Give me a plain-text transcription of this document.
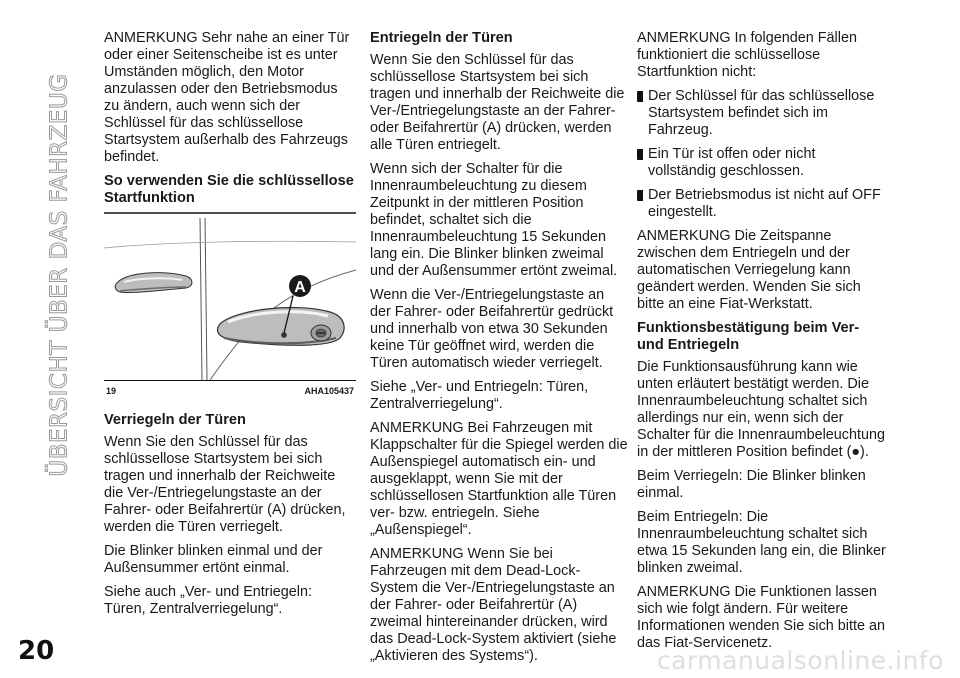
ÜBERSICHT ÜBER DAS FAHRZEUG

ANMERKUNG Sehr nahe an einer Tür oder einer Seitenscheibe ist es unter Umständen möglich, den Motor anzulassen oder den Betriebsmodus zu ändern, auch wenn sich der Schlüssel für das schlüssellose Startsystem außerhalb des Fahrzeugs befindet.

So verwenden Sie die schlüssellose Startfunktion
A
19	AHA105437
Verriegeln der Türen

Wenn Sie den Schlüssel für das schlüssellose Startsystem bei sich tragen und innerhalb der Reichweite die Ver-/Entriegelungstaste an der Fahrer- oder Beifahrertür (A) drücken, werden die Türen verriegelt.

Die Blinker blinken einmal und der Außensummer ertönt einmal.

Siehe auch „Ver- und Entriegeln: Türen, Zentralverriegelung“.

Entriegeln der Türen

Wenn Sie den Schlüssel für das schlüssellose Startsystem bei sich tragen und innerhalb der Reichweite die Ver-/Entriegelungstaste an der Fahrer- oder Beifahrertür (A) drücken, werden alle Türen entriegelt.

Wenn sich der Schalter für die Innenraumbeleuchtung zu diesem Zeitpunkt in der mittleren Position befindet, schaltet sich die Innenraumbeleuchtung 15 Sekunden lang ein. Die Blinker blinken zweimal und der Außensummer ertönt zweimal.

Wenn die Ver-/Entriegelungstaste an der Fahrer- oder Beifahrertür gedrückt und innerhalb von etwa 30 Sekunden keine Tür geöffnet wird, werden die Türen automatisch wieder verriegelt.

Siehe „Ver- und Entriegeln: Türen, Zentralverriegelung“.

ANMERKUNG Bei Fahrzeugen mit Klappschalter für die Spiegel werden die Außenspiegel automatisch ein- und ausgeklappt, wenn Sie mit der schlüssellosen Startfunktion alle Türen ver- bzw. entriegeln. Siehe „Außenspiegel“.

ANMERKUNG Wenn Sie bei Fahrzeugen mit dem Dead-Lock-System die Ver-/Entriegelungstaste an der Fahrer- oder Beifahrertür (A) zweimal hintereinander drücken, wird das Dead-Lock-System aktiviert (siehe „Aktivieren des Systems“).

ANMERKUNG In folgenden Fällen funktioniert die schlüssellose Startfunktion nicht:

Der Schlüssel für das schlüssellose Startsystem befindet sich im Fahrzeug.
Ein Tür ist offen oder nicht vollständig geschlossen.
Der Betriebsmodus ist nicht auf OFF eingestellt.

ANMERKUNG Die Zeitspanne zwischen dem Entriegeln und der automatischen Verriegelung kann geändert werden. Wenden Sie sich bitte an eine Fiat-Werkstatt.

Funktionsbestätigung beim Ver- und Entriegeln

Die Funktionsausführung kann wie unten erläutert bestätigt werden. Die Innenraumbeleuchtung schaltet sich allerdings nur ein, wenn sich der Schalter für die Innenraumbeleuchtung in der mittleren Position befindet (●).

Beim Verriegeln: Die Blinker blinken einmal.

Beim Entriegeln: Die Innenraumbeleuchtung schaltet sich etwa 15 Sekunden lang ein, die Blinker blinken zweimal.

ANMERKUNG Die Funktionen lassen sich wie folgt ändern. Für weitere Informationen wenden Sie sich bitte an das Fiat-Servicenetz.

20	carmanualsonline.info
